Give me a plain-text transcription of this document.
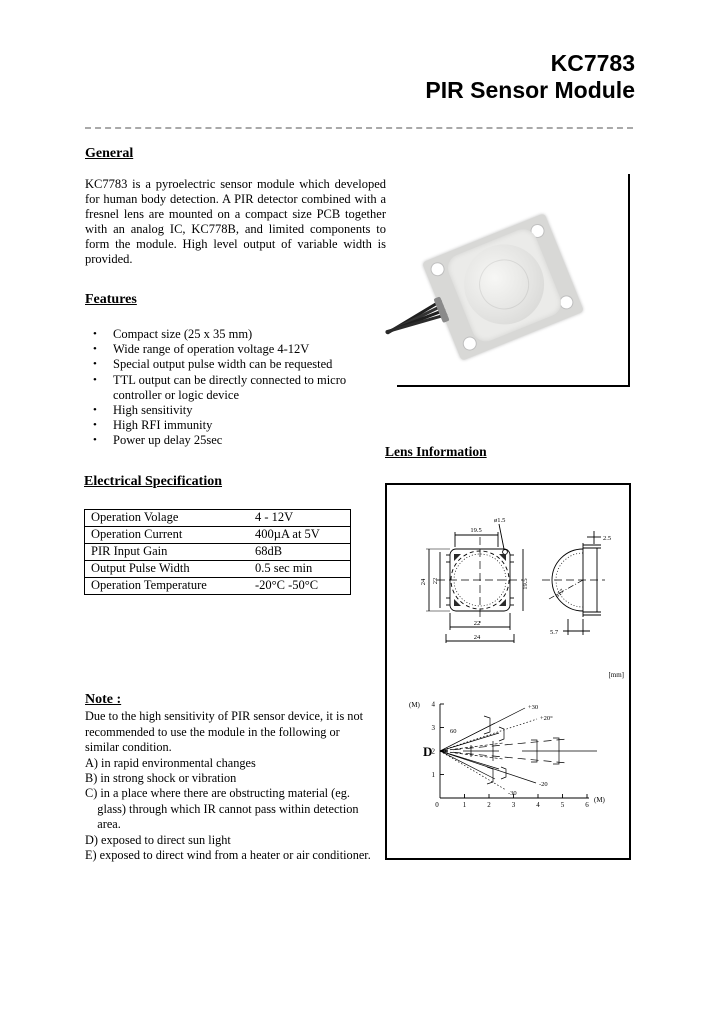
KC7783
PIR Sensor Module
General

KC7783 is a pyroelectric sensor module which developed for human body detection. A PIR detector combined with a fresnel lens are mounted on a compact size PCB together with an analog IC, KC778B, and limited components to form the module. High level output of variable width is provided.

Features
• Compact size (25 x 35 mm)
• Wide range of operation voltage 4-12V
• Special output pulse width can be requested
• TTL output can be directly connected to micro controller or logic device
• High sensitivity
• High RFI immunity
• Power up delay 25sec
Electrical Specification
Operation Volage	4 - 12V
Operation Current	400µA at 5V
PIR Input Gain	68dB
Output Pulse Width	0.5 sec min
Operation Temperature	-20°C -50°C
Lens Information
19.5
ø1.5
24 22	19.5
22
24
2.5
ø17
5.7
[mm]
(M)
(M)
0	1	2	3	4	5	6
1
2
3
4
D
60
+30
+20°
-20
-30
Note :
Due to the high sensitivity of PIR sensor device, it is not
recommended to use the module in the following or
similar condition.
A) in rapid environmental changes
B) in strong shock or vibration
C) in a place where there are obstructing material (eg.
glass) through which IR cannot pass within detection
area.
D) exposed to direct sun light
E) exposed to direct wind from a heater or air conditioner.
